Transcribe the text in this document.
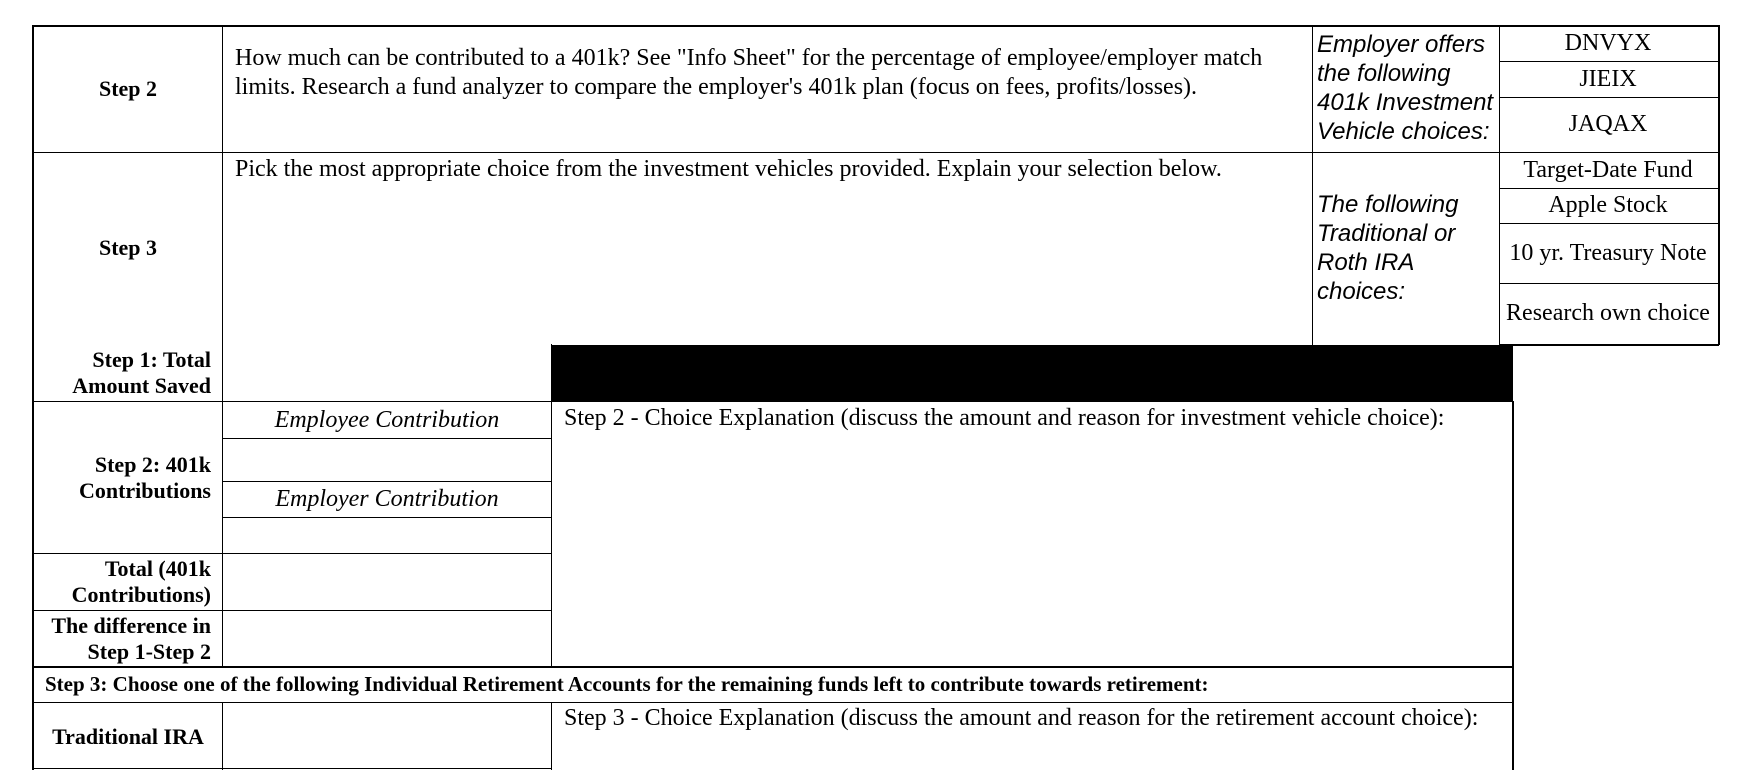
Step 2
How much can be contributed to a 401k? See "Info Sheet" for the percentage of employee/employer match limits. Research a fund analyzer to compare the employer's 401k plan (focus on fees, profits/losses).
Employer offers the following 401k Investment Vehicle choices:
DNVYX
JIEIX
JAQAX
Step 3
Pick the most appropriate choice from the investment vehicles provided. Explain your selection below.
The following Traditional or Roth IRA choices:
Target-Date Fund
Apple Stock
10 yr. Treasury Note
Research own choice
Step 1: Total Amount Saved
Step 2: 401k Contributions
Employee Contribution
Employer Contribution
Total (401k Contributions)
The difference in Step 1-Step 2
Step 2 - Choice Explanation (discuss the amount and reason for investment vehicle choice):
Step 3: Choose one of the following Individual Retirement Accounts for the remaining funds left to contribute towards retirement:
Traditional IRA
Step 3 - Choice Explanation (discuss the amount and reason for the retirement account choice):
